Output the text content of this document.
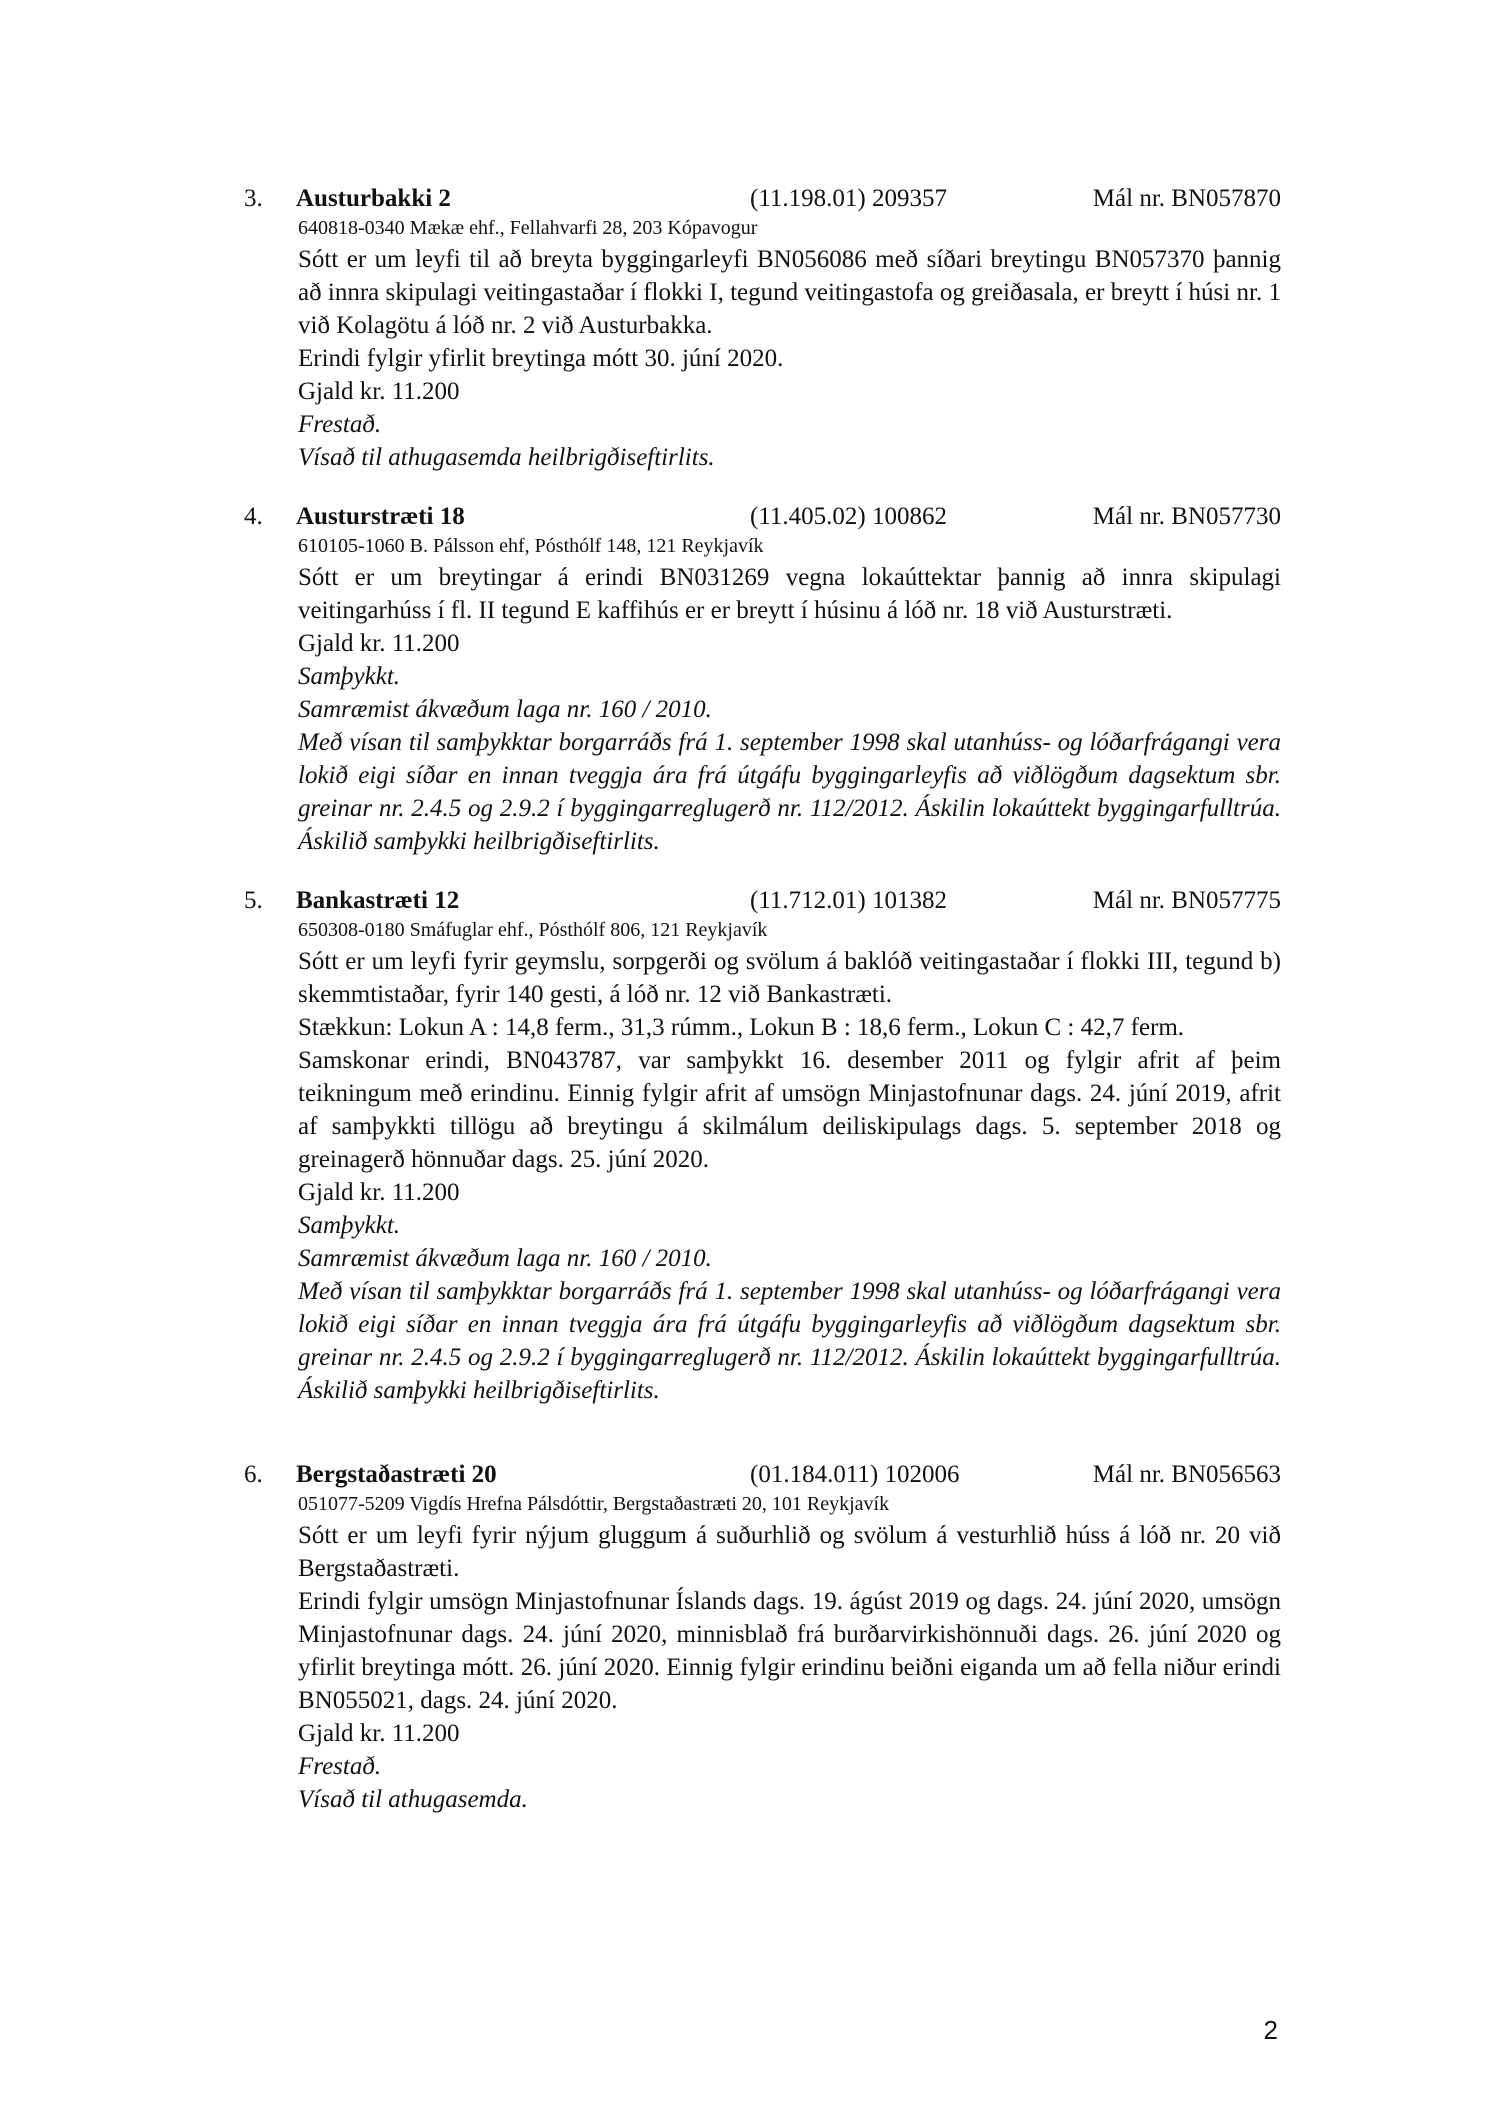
3. Austurbakki 2	(11.198.01) 209357	Mál nr. BN057870
640818-0340 Mækæ ehf., Fellahvarfi 28, 203 Kópavogur
Sótt er um leyfi til að breyta byggingarleyfi BN056086 með síðari breytingu BN057370 þannig að innra skipulagi veitingastaðar í flokki I, tegund veitingastofa og greiðasala, er breytt í húsi nr. 1 við Kolagötu á lóð nr. 2 við Austurbakka.
Erindi fylgir yfirlit breytinga mótt 30. júní 2020.
Gjald kr. 11.200
Frestað.
Vísað til athugasemda heilbrigðiseftirlits.
4. Austurstræti 18	(11.405.02) 100862	Mál nr. BN057730
610105-1060 B. Pálsson ehf, Pósthólf 148, 121 Reykjavík
Sótt er um breytingar á erindi BN031269 vegna lokaúttektar þannig að innra skipulagi veitingarhúss í fl. II tegund E kaffihús er er breytt í húsinu á lóð nr. 18 við Austurstræti.
Gjald kr. 11.200
Samþykkt.
Samræmist ákvæðum laga nr. 160 / 2010.
Með vísan til samþykktar borgarráðs frá 1. september 1998 skal utanhúss- og lóðarfrágangi vera lokið eigi síðar en innan tveggja ára frá útgáfu byggingarleyfis að viðlögðum dagsektum sbr. greinar nr. 2.4.5 og 2.9.2 í byggingarreglugerð nr. 112/2012. Áskilin lokaúttekt byggingarfulltrúa. Áskilið samþykki heilbrigðiseftirlits.
5. Bankastræti 12	(11.712.01) 101382	Mál nr. BN057775
650308-0180 Smáfuglar ehf., Pósthólf 806, 121 Reykjavík
Sótt er um leyfi fyrir geymslu, sorpgerði og svölum á baklóð veitingastaðar í flokki III, tegund b) skemmtistaðar, fyrir 140 gesti, á lóð nr. 12 við Bankastræti.
Stækkun: Lokun A : 14,8 ferm., 31,3 rúmm., Lokun B : 18,6 ferm., Lokun C : 42,7 ferm.
Samskonar erindi, BN043787, var samþykkt 16. desember 2011 og fylgir afrit af þeim teikningum með erindinu. Einnig fylgir afrit af umsögn Minjastofnunar dags. 24. júní 2019, afrit af samþykkti tillögu að breytingu á skilmálum deiliskipulags dags. 5. september 2018 og greinagerð hönnuðar dags. 25. júní 2020.
Gjald kr. 11.200
Samþykkt.
Samræmist ákvæðum laga nr. 160 / 2010.
Með vísan til samþykktar borgarráðs frá 1. september 1998 skal utanhúss- og lóðarfrágangi vera lokið eigi síðar en innan tveggja ára frá útgáfu byggingarleyfis að viðlögðum dagsektum sbr. greinar nr. 2.4.5 og 2.9.2 í byggingarreglugerð nr. 112/2012. Áskilin lokaúttekt byggingarfulltrúa. Áskilið samþykki heilbrigðiseftirlits.
6. Bergstaðastræti 20	(01.184.011) 102006	Mál nr. BN056563
051077-5209 Vigdís Hrefna Pálsdóttir, Bergstaðastræti 20, 101 Reykjavík
Sótt er um leyfi fyrir nýjum gluggum á suðurhlið og svölum á vesturhlið húss á lóð nr. 20 við Bergstaðastræti.
Erindi fylgir umsögn Minjastofnunar Íslands dags. 19. ágúst 2019 og dags. 24. júní 2020, umsögn Minjastofnunar dags. 24. júní 2020, minnisblað frá burðarvirkishönnuði dags. 26. júní 2020 og yfirlit breytinga mótt. 26. júní 2020. Einnig fylgir erindinu beiðni eiganda um að fella niður erindi BN055021, dags. 24. júní 2020.
Gjald kr. 11.200
Frestað.
Vísað til athugasemda.
2
